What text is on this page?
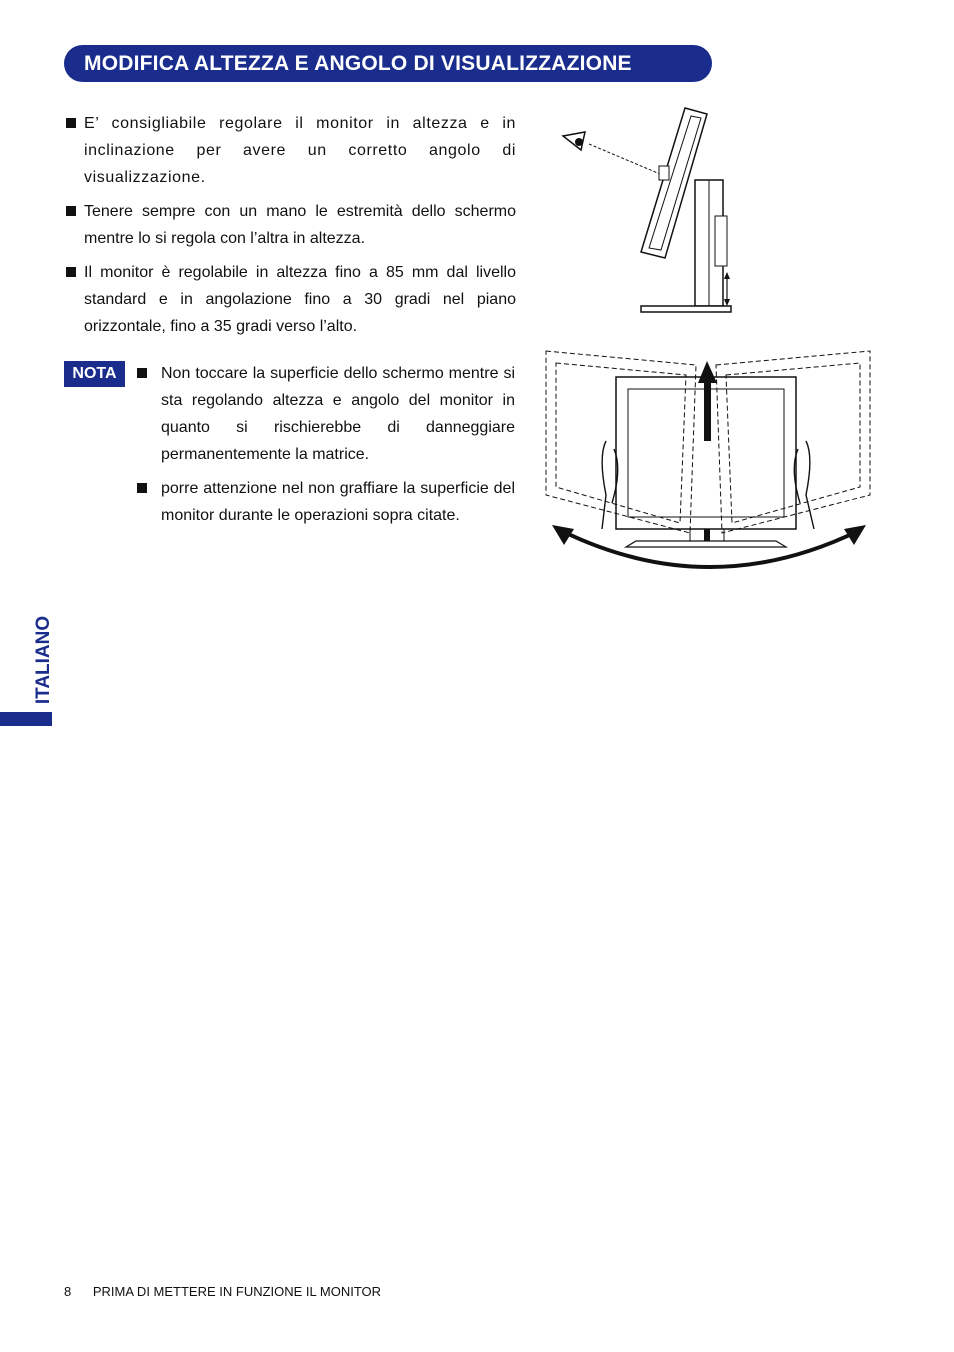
MODIFICA ALTEZZA E ANGOLO DI VISUALIZZAZIONE
E’ consigliabile regolare il monitor in altezza e in inclinazione per avere un corretto angolo di visualizzazione.
Tenere sempre con un mano le estremità dello schermo mentre lo si regola con l’altra in altezza.
Il monitor è regolabile in altezza fino a 85 mm dal livello standard e in angolazione fino a 30 gradi nel piano orizzontale, fino a 35 gradi verso l’alto.
NOTA	Non toccare la superficie dello schermo mentre si sta regolando altezza e angolo del monitor in quanto si rischierebbe di danneggiare permanentemente la matrice.
porre attenzione nel non graffiare la superficie del monitor durante le operazioni sopra citate.
ITALIANO
8 PRIMA DI METTERE IN FUNZIONE IL MONITOR
